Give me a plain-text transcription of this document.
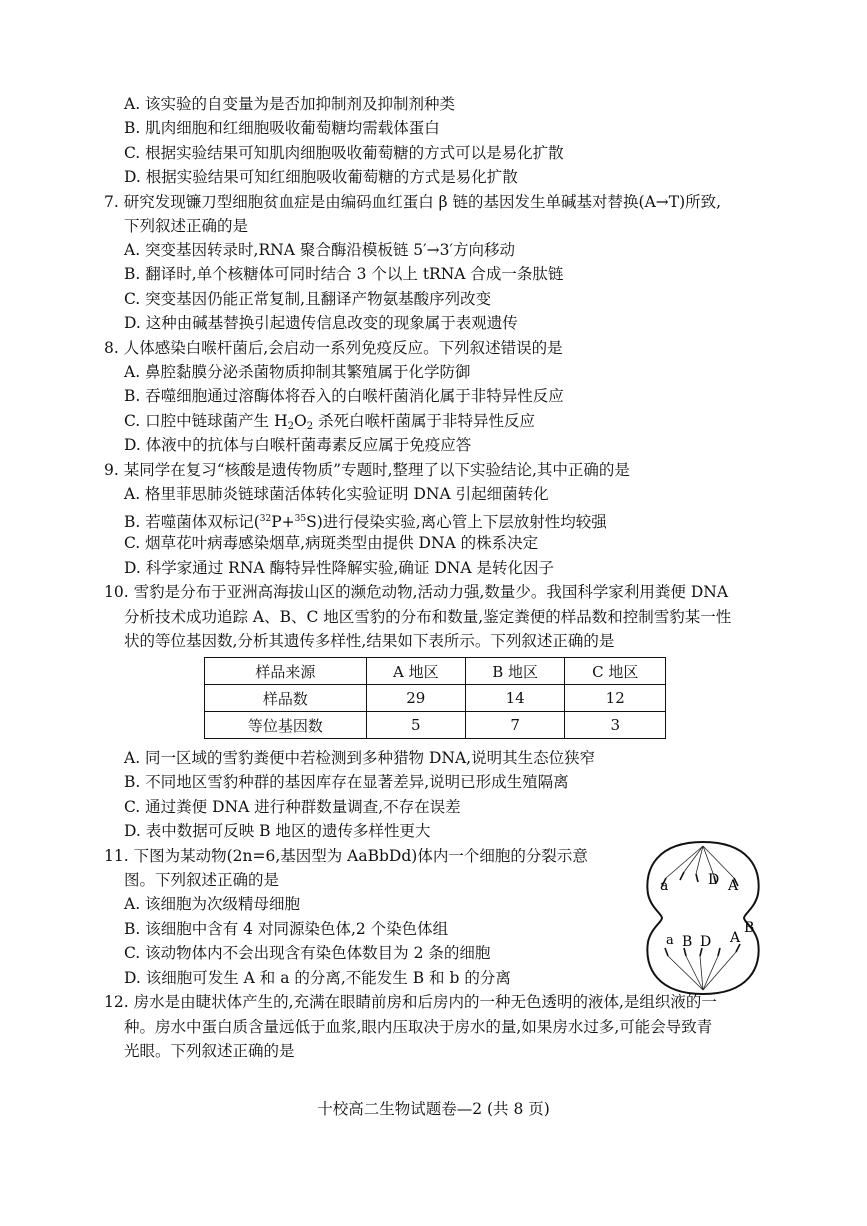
A. 该实验的自变量为是否加抑制剂及抑制剂种类
B. 肌肉细胞和红细胞吸收葡萄糖均需载体蛋白
C. 根据实验结果可知肌肉细胞吸收葡萄糖的方式可以是易化扩散
D. 根据实验结果可知红细胞吸收葡萄糖的方式是易化扩散
7. 研究发现镰刀型细胞贫血症是由编码血红蛋白 β 链的基因发生单碱基对替换(A→T)所致,
下列叙述正确的是
A. 突变基因转录时,RNA 聚合酶沿模板链 5′→3′方向移动
B. 翻译时,单个核糖体可同时结合 3 个以上 tRNA 合成一条肽链
C. 突变基因仍能正常复制,且翻译产物氨基酸序列改变
D. 这种由碱基替换引起遗传信息改变的现象属于表观遗传
8. 人体感染白喉杆菌后,会启动一系列免疫反应。下列叙述错误的是
A. 鼻腔黏膜分泌杀菌物质抑制其繁殖属于化学防御
B. 吞噬细胞通过溶酶体将吞入的白喉杆菌消化属于非特异性反应
C. 口腔中链球菌产生 $H_2O_2$ 杀死白喉杆菌属于非特异性反应
D. 体液中的抗体与白喉杆菌毒素反应属于免疫应答
9. 某同学在复习“核酸是遗传物质”专题时,整理了以下实验结论,其中正确的是
A. 格里菲思肺炎链球菌活体转化实验证明 DNA 引起细菌转化
B. 若噬菌体双标记($^{32}$P+$^{35}$S)进行侵染实验,离心管上下层放射性均较强
C. 烟草花叶病毒感染烟草,病斑类型由提供 DNA 的株系决定
D. 科学家通过 RNA 酶特异性降解实验,确证 DNA 是转化因子
10. 雪豹是分布于亚洲高海拔山区的濒危动物,活动力强,数量少。我国科学家利用粪便 DNA
分析技术成功追踪 A、B、C 地区雪豹的分布和数量,鉴定粪便的样品数和控制雪豹某一性
状的等位基因数,分析其遗传多样性,结果如下表所示。下列叙述正确的是
样品来源	A 地区	B 地区	C 地区
样品数	29	14	12
等位基因数	5	7	3
A. 同一区域的雪豹粪便中若检测到多种猎物 DNA,说明其生态位狭窄
B. 不同地区雪豹种群的基因库存在显著差异,说明已形成生殖隔离
C. 通过粪便 DNA 进行种群数量调查,不存在误差
D. 表中数据可反映 B 地区的遗传多样性更大
11. 下图为某动物(2n=6,基因型为 AaBbDd)体内一个细胞的分裂示意
图。下列叙述正确的是
A. 该细胞为次级精母细胞
B. 该细胞中含有 4 对同源染色体,2 个染色体组
C. 该动物体内不会出现含有染色体数目为 2 条的细胞
D. 该细胞可发生 A 和 a 的分离,不能发生 B 和 b 的分离
a	D A
a B D A
B
12. 房水是由睫状体产生的,充满在眼睛前房和后房内的一种无色透明的液体,是组织液的一
种。房水中蛋白质含量远低于血浆,眼内压取决于房水的量,如果房水过多,可能会导致青
光眼。下列叙述正确的是
十校高二生物试题卷—2 (共 8 页)
